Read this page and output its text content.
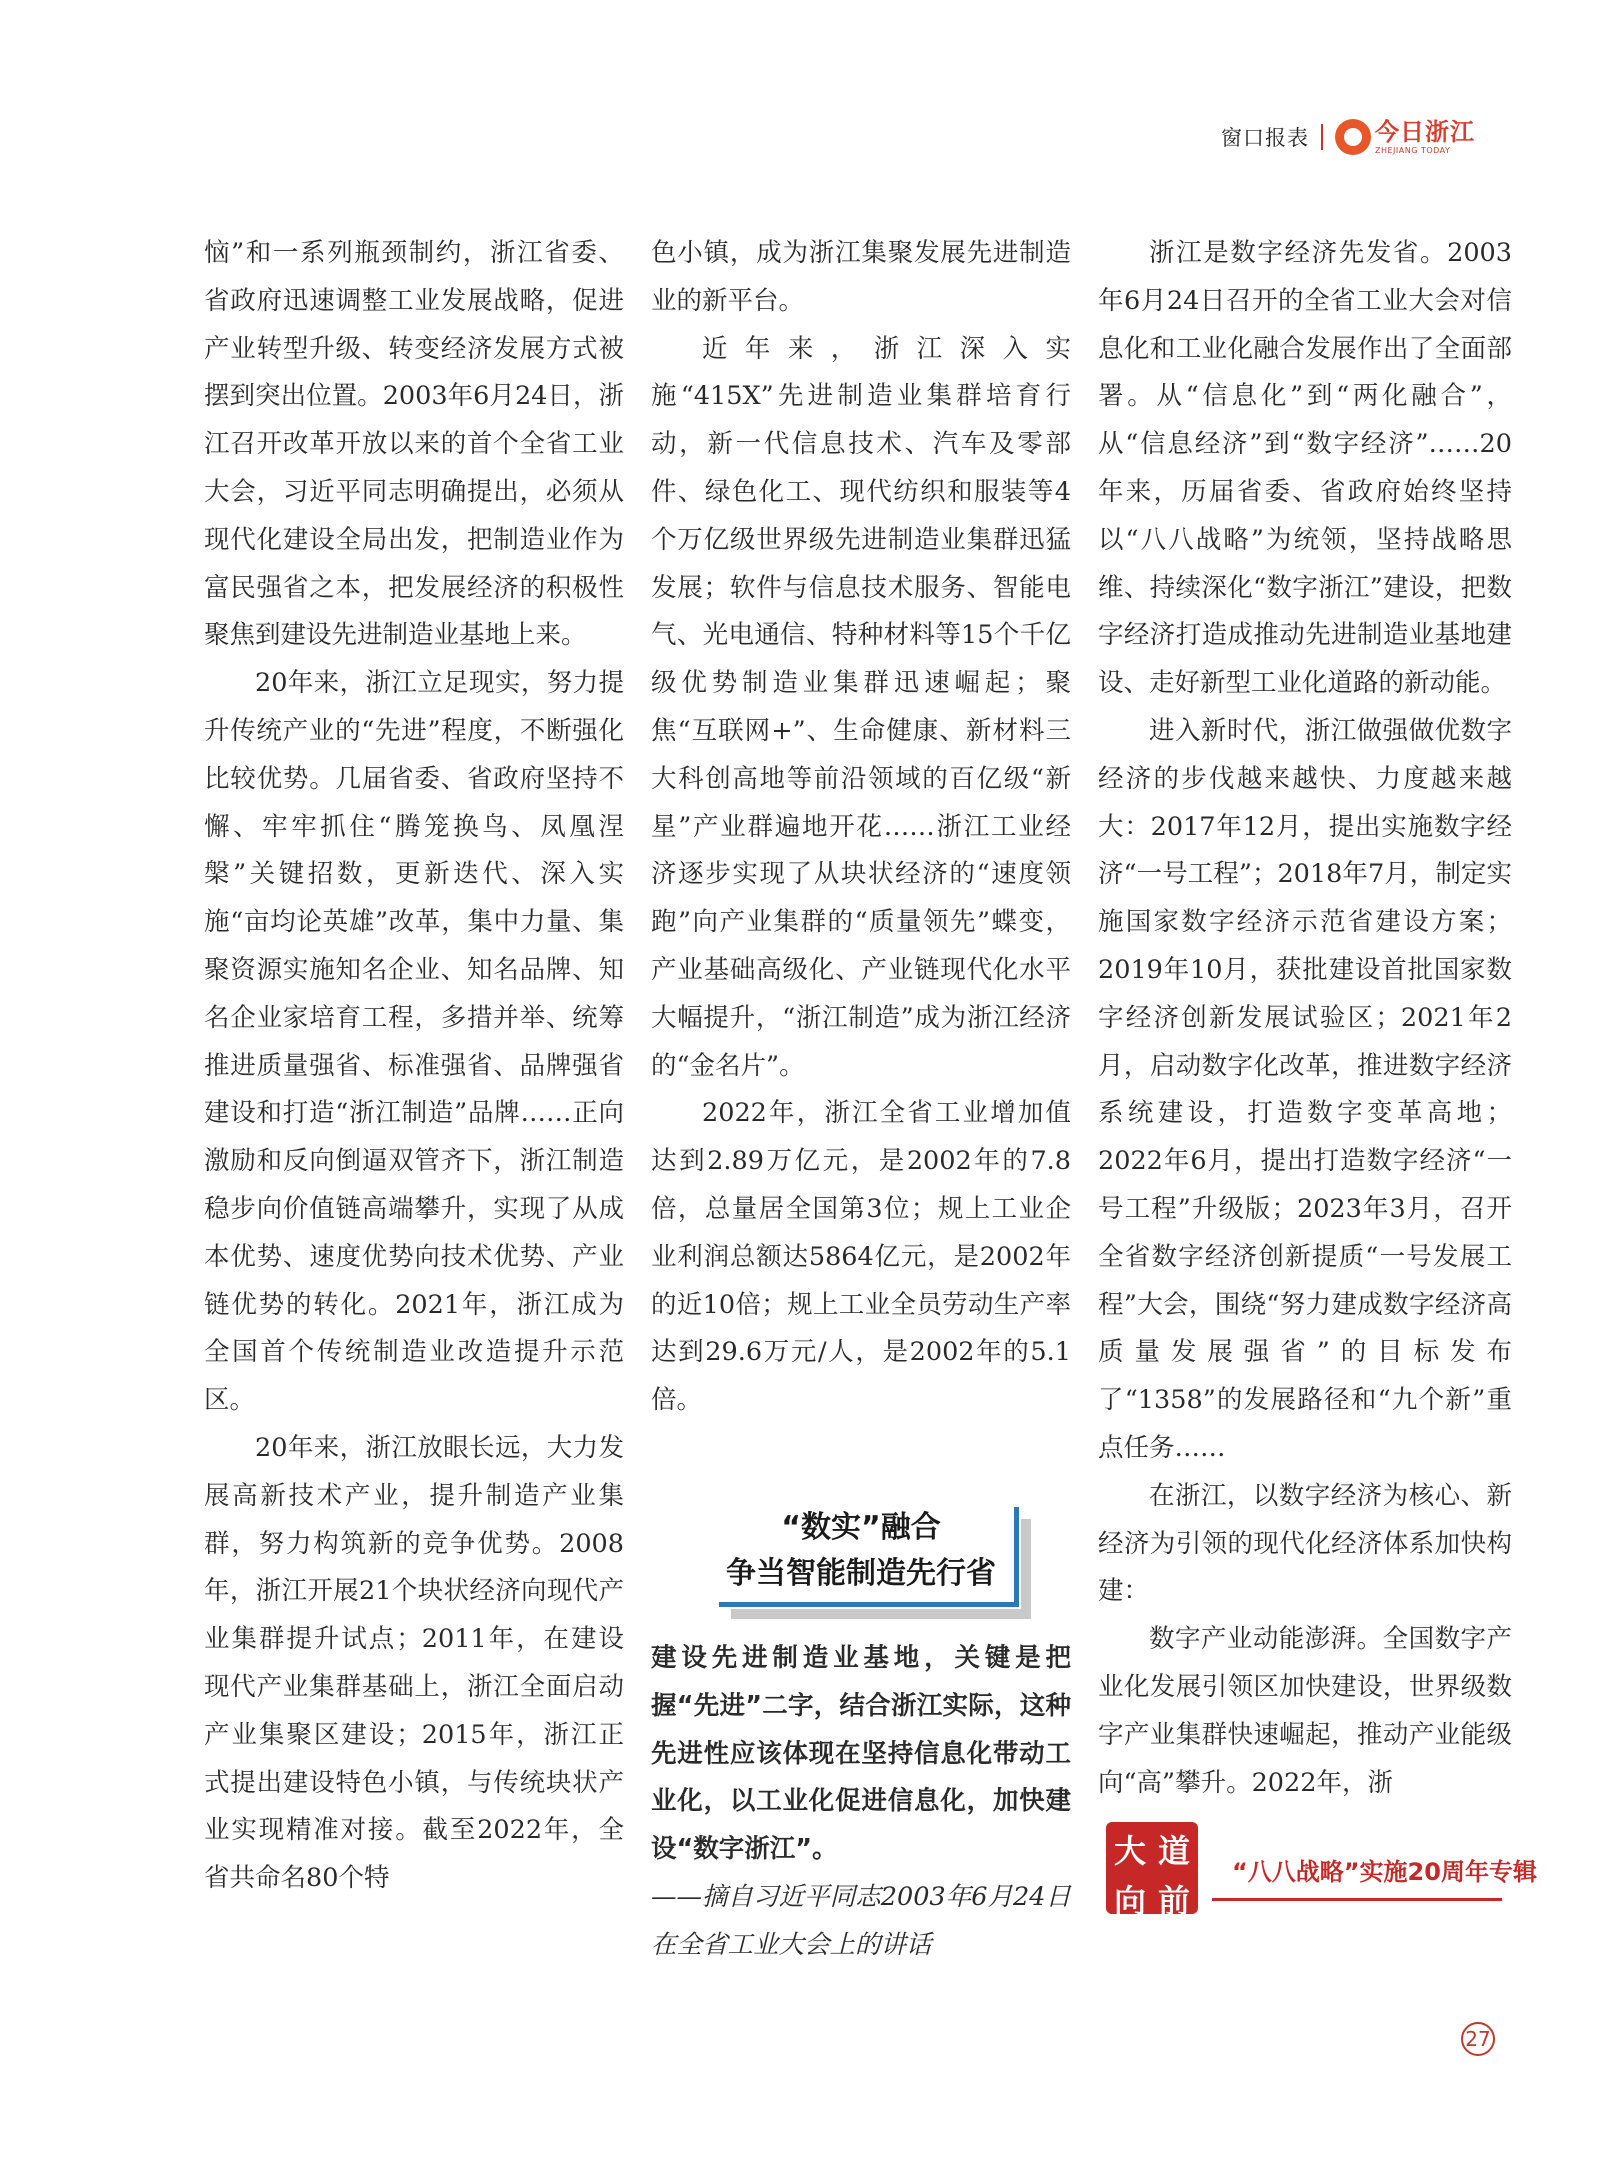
窗口报表	今日浙江
ZHEJIANG TODAY

恼”和一系列瓶颈制约，浙江省委、省政府迅速调整工业发展战略，促进产业转型升级、转变经济发展方式被摆到突出位置。2003年6月24日，浙江召开改革开放以来的首个全省工业大会，习近平同志明确提出，必须从现代化建设全局出发，把制造业作为富民强省之本，把发展经济的积极性聚焦到建设先进制造业基地上来。

20年来，浙江立足现实，努力提升传统产业的“先进”程度，不断强化比较优势。几届省委、省政府坚持不懈、牢牢抓住“腾笼换鸟、凤凰涅槃”关键招数，更新迭代、深入实施“亩均论英雄”改革，集中力量、集聚资源实施知名企业、知名品牌、知名企业家培育工程，多措并举、统筹推进质量强省、标准强省、品牌强省建设和打造“浙江制造”品牌……正向激励和反向倒逼双管齐下，浙江制造稳步向价值链高端攀升，实现了从成本优势、速度优势向技术优势、产业链优势的转化。2021年，浙江成为全国首个传统制造业改造提升示范区。

20年来，浙江放眼长远，大力发展高新技术产业，提升制造产业集群，努力构筑新的竞争优势。2008年，浙江开展21个块状经济向现代产业集群提升试点；2011年，在建设现代产业集群基础上，浙江全面启动产业集聚区建设；2015年，浙江正式提出建设特色小镇，与传统块状产业实现精准对接。截至2022年，全省共命名80个特

色小镇，成为浙江集聚发展先进制造业的新平台。

近年来，浙江深入实施“415X”先进制造业集群培育行动，新一代信息技术、汽车及零部件、绿色化工、现代纺织和服装等4个万亿级世界级先进制造业集群迅猛发展；软件与信息技术服务、智能电气、光电通信、特种材料等15个千亿级优势制造业集群迅速崛起；聚焦“互联网+”、生命健康、新材料三大科创高地等前沿领域的百亿级“新星”产业群遍地开花……浙江工业经济逐步实现了从块状经济的“速度领跑”向产业集群的“质量领先”蝶变，产业基础高级化、产业链现代化水平大幅提升，“浙江制造”成为浙江经济的“金名片”。

2022年，浙江全省工业增加值达到2.89万亿元，是2002年的7.8倍，总量居全国第3位；规上工业企业利润总额达5864亿元，是2002年的近10倍；规上工业全员劳动生产率达到29.6万元/人，是2002年的5.1倍。

“数实”融合
争当智能制造先行省

建设先进制造业基地，关键是把握“先进”二字，结合浙江实际，这种先进性应该体现在坚持信息化带动工业化，以工业化促进信息化，加快建设“数字浙江”。

——摘自习近平同志2003年6月24日在全省工业大会上的讲话

浙江是数字经济先发省。2003年6月24日召开的全省工业大会对信息化和工业化融合发展作出了全面部署。从“信息化”到“两化融合”，从“信息经济”到“数字经济”……20年来，历届省委、省政府始终坚持以“八八战略”为统领，坚持战略思维、持续深化“数字浙江”建设，把数字经济打造成推动先进制造业基地建设、走好新型工业化道路的新动能。

进入新时代，浙江做强做优数字经济的步伐越来越快、力度越来越大：2017年12月，提出实施数字经济“一号工程”；2018年7月，制定实施国家数字经济示范省建设方案；2019年10月，获批建设首批国家数字经济创新发展试验区；2021年2月，启动数字化改革，推进数字经济系统建设，打造数字变革高地；2022年6月，提出打造数字经济“一号工程”升级版；2023年3月，召开全省数字经济创新提质“一号发展工程”大会，围绕“努力建成数字经济高质量发展强省”的目标发布了“1358”的发展路径和“九个新”重点任务……

在浙江，以数字经济为核心、新经济为引领的现代化经济体系加快构建：

数字产业动能澎湃。全国数字产业化发展引领区加快建设，世界级数字产业集群快速崛起，推动产业能级向“高”攀升。2022年，浙

大 道
向 前
“八八战略”实施20周年专辑
27
